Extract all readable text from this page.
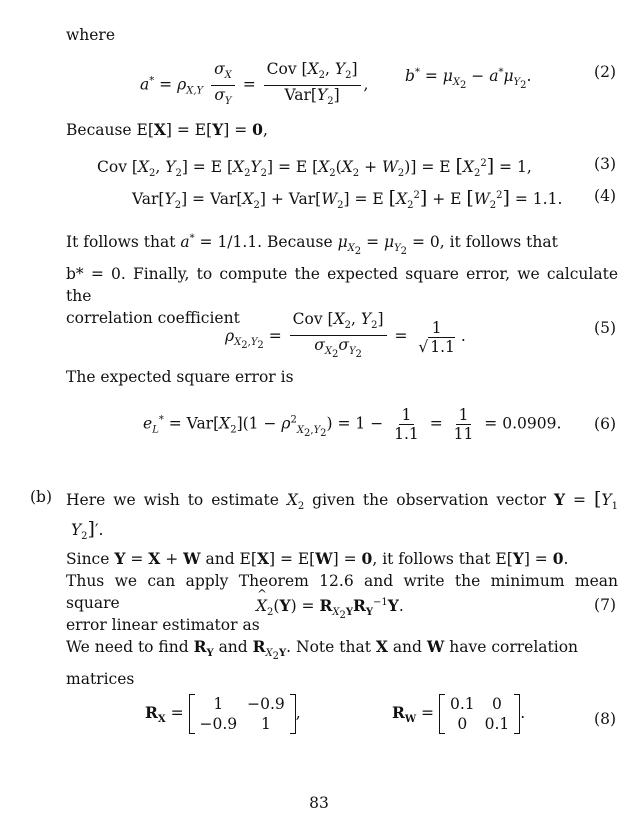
where
$a^* = \rho_{X,Y} \frac{\sigma_X}{\sigma_Y} = \frac{Cov [X_2, Y_2]}{Var[Y_2]}$ , $b^* = \mu_{X_2} - a^*\mu_{Y_2}$.	(2)
Because E[X] = E[Y] = 0,
Cov [$X_2$, $Y_2] = E$ $[X_2Y_2] = E$ $[X_2(X_2 + W_2)] = E$ $[X_2^2] = 1$,	(3)
$Var[Y_2] = Var[X_2] + Var[W_2] = E$ $[X_2^2] + E$ $[W_2^2] = 1.1$. (4)
It follows that a* = 1/1.1. Because $\mu_{X_2} = \mu_{Y_2} = 0$, it follows that
b* = 0. Finally, to compute the expected square error, we calculate the
correlation coefficient
$\rho_{X_2,Y_2} = \frac{Cov [X_2, Y_2]}{\sigma_{X_2}\sigma_{Y_2}} = \frac{1}{√ 1.1}$ .	(5)
The expected square error is
$e_L^* = Var[X_2](1 - \rho^2_{X_2,Y_2}) = 1 - \frac{1}{1.1} = \frac{1}{11} = 0.0909$. (6)
(b) Here we wish to estimate $X_2$ given the observation vector $Y = [Y_1$  $Y_2]'$.
Since Y = X + W and E[X] = E[W] = 0, it follows that E[Y] = 0.
Thus we can apply Theorem 12.6 and write the minimum mean square
error linear estimator as
X $\^{}_2(Y) = R_{X_2Y}R_Y^{-1}Y$.	(7)
We need to find $R_Y$ and $R_{X_2Y}$. Note that X and W have correlation
matrices
$R_X = 1$	−0.9
−0.9	1
,	$R_W = 0.1$	0
0	0.1
.	(8)
83
